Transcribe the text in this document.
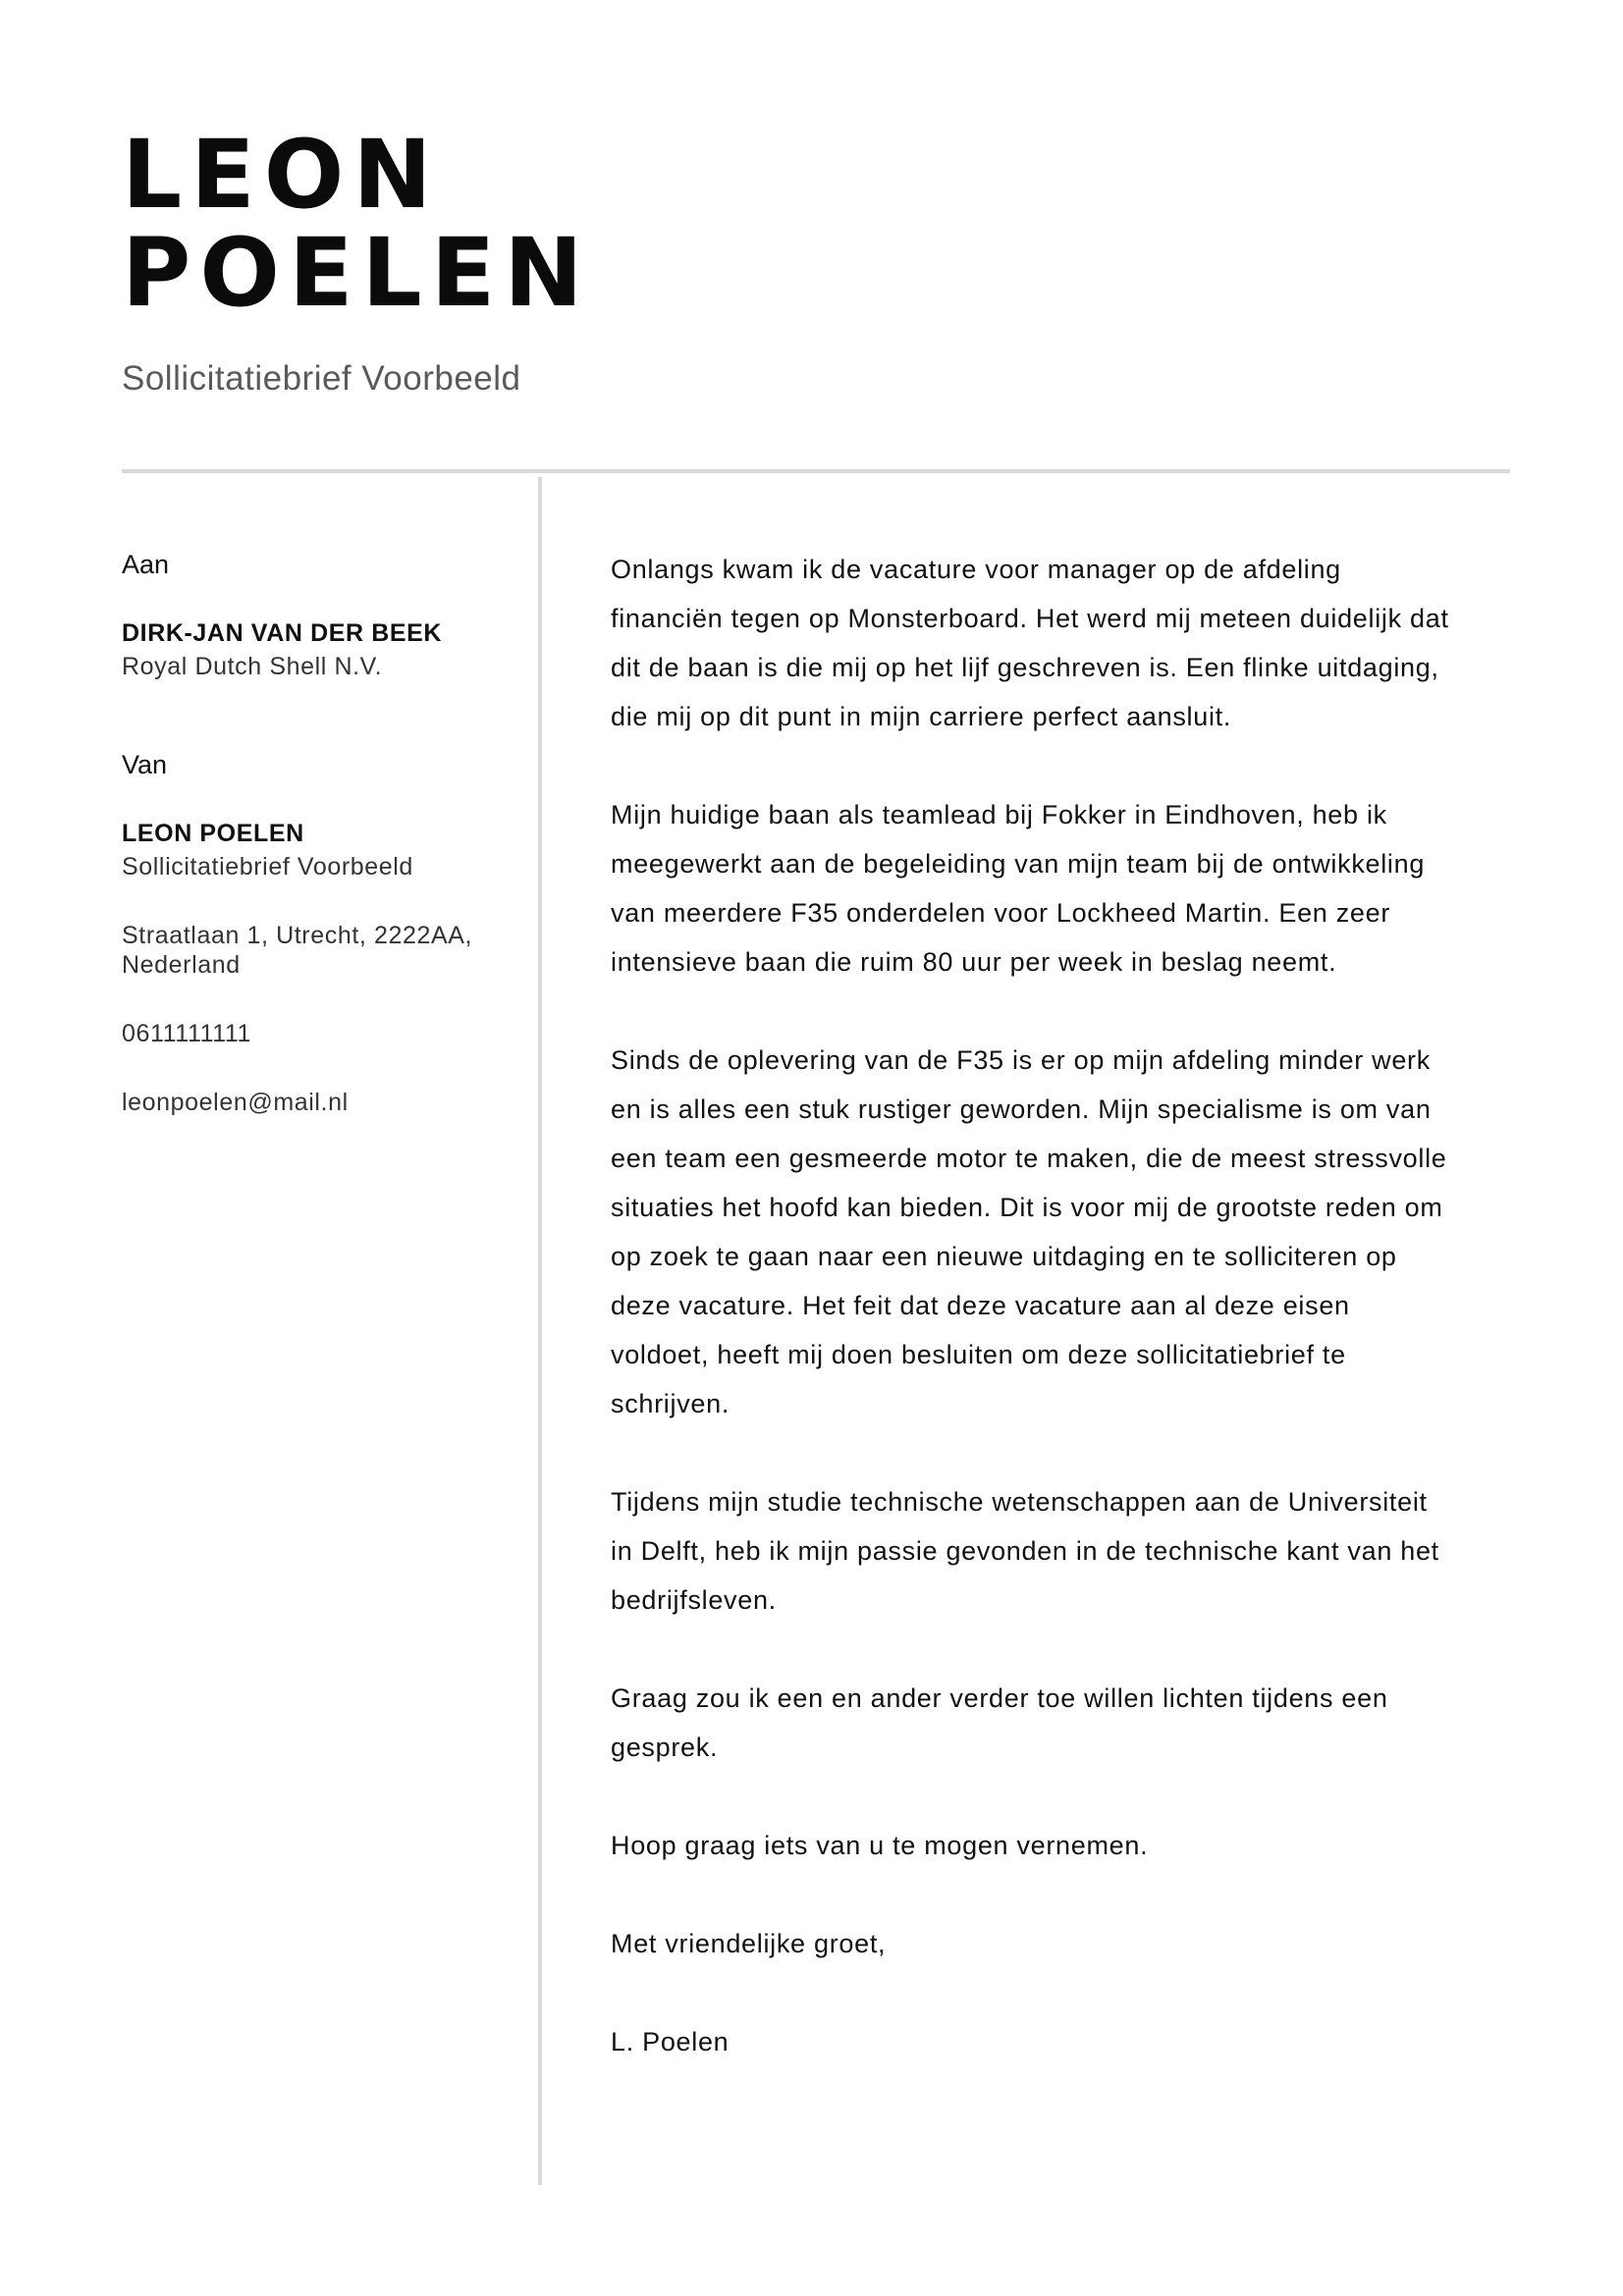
LEON
POELEN

Sollicitatiebrief Voorbeeld

Aan

DIRK-JAN VAN DER BEEK

Royal Dutch Shell N.V.

Van

LEON POELEN

Sollicitatiebrief Voorbeeld

Straatlaan 1, Utrecht, 2222AA,
Nederland
0611111111
leonpoelen@mail.nl

Onlangs kwam ik de vacature voor manager op de afdeling financiën tegen op Monsterboard. Het werd mij meteen duidelijk dat dit de baan is die mij op het lijf geschreven is. Een flinke uitdaging, die mij op dit punt in mijn carriere perfect aansluit.

Mijn huidige baan als teamlead bij Fokker in Eindhoven, heb ik meegewerkt aan de begeleiding van mijn team bij de ontwikkeling van meerdere F35 onderdelen voor Lockheed Martin. Een zeer intensieve baan die ruim 80 uur per week in beslag neemt.

Sinds de oplevering van de F35 is er op mijn afdeling minder werk en is alles een stuk rustiger geworden. Mijn specialisme is om van een team een gesmeerde motor te maken, die de meest stressvolle situaties het hoofd kan bieden. Dit is voor mij de grootste reden om op zoek te gaan naar een nieuwe uitdaging en te solliciteren op deze vacature. Het feit dat deze vacature aan al deze eisen voldoet, heeft mij doen besluiten om deze sollicitatiebrief te schrijven.

Tijdens mijn studie technische wetenschappen aan de Universiteit in Delft, heb ik mijn passie gevonden in de technische kant van het bedrijfsleven.

Graag zou ik een en ander verder toe willen lichten tijdens een gesprek.

Hoop graag iets van u te mogen vernemen.

Met vriendelijke groet,

L. Poelen
